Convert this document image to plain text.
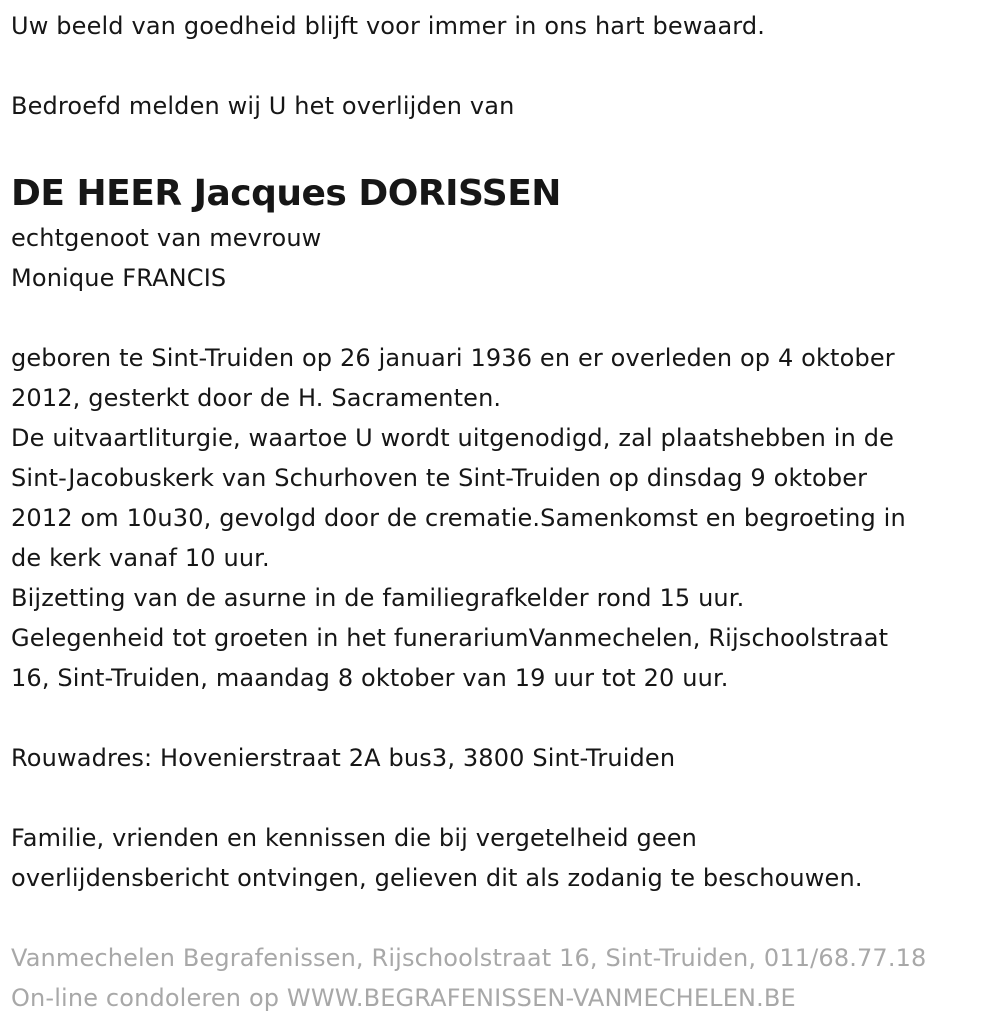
Uw beeld van goedheid blijft voor immer in ons hart bewaard.
Bedroefd melden wij U het overlijden van
DE HEER Jacques DORISSEN
echtgenoot van mevrouw
Monique FRANCIS
geboren te Sint-Truiden op 26 januari 1936 en er overleden op 4 oktober
2012, gesterkt door de H. Sacramenten.
De uitvaartliturgie, waartoe U wordt uitgenodigd, zal plaatshebben in de
Sint-Jacobuskerk van Schurhoven te Sint-Truiden op dinsdag 9 oktober
2012 om 10u30, gevolgd door de crematie.Samenkomst en begroeting in
de kerk vanaf 10 uur.
Bijzetting van de asurne in de familiegrafkelder rond 15 uur.
Gelegenheid tot groeten in het funerariumVanmechelen, Rijschoolstraat
16, Sint-Truiden, maandag 8 oktober van 19 uur tot 20 uur.
Rouwadres: Hovenierstraat 2A bus3, 3800 Sint-Truiden
Familie, vrienden en kennissen die bij vergetelheid geen
overlijdensbericht ontvingen, gelieven dit als zodanig te beschouwen.
Vanmechelen Begrafenissen, Rijschoolstraat 16, Sint-Truiden, 011/68.77.18
On-line condoleren op WWW.BEGRAFENISSEN-VANMECHELEN.BE
